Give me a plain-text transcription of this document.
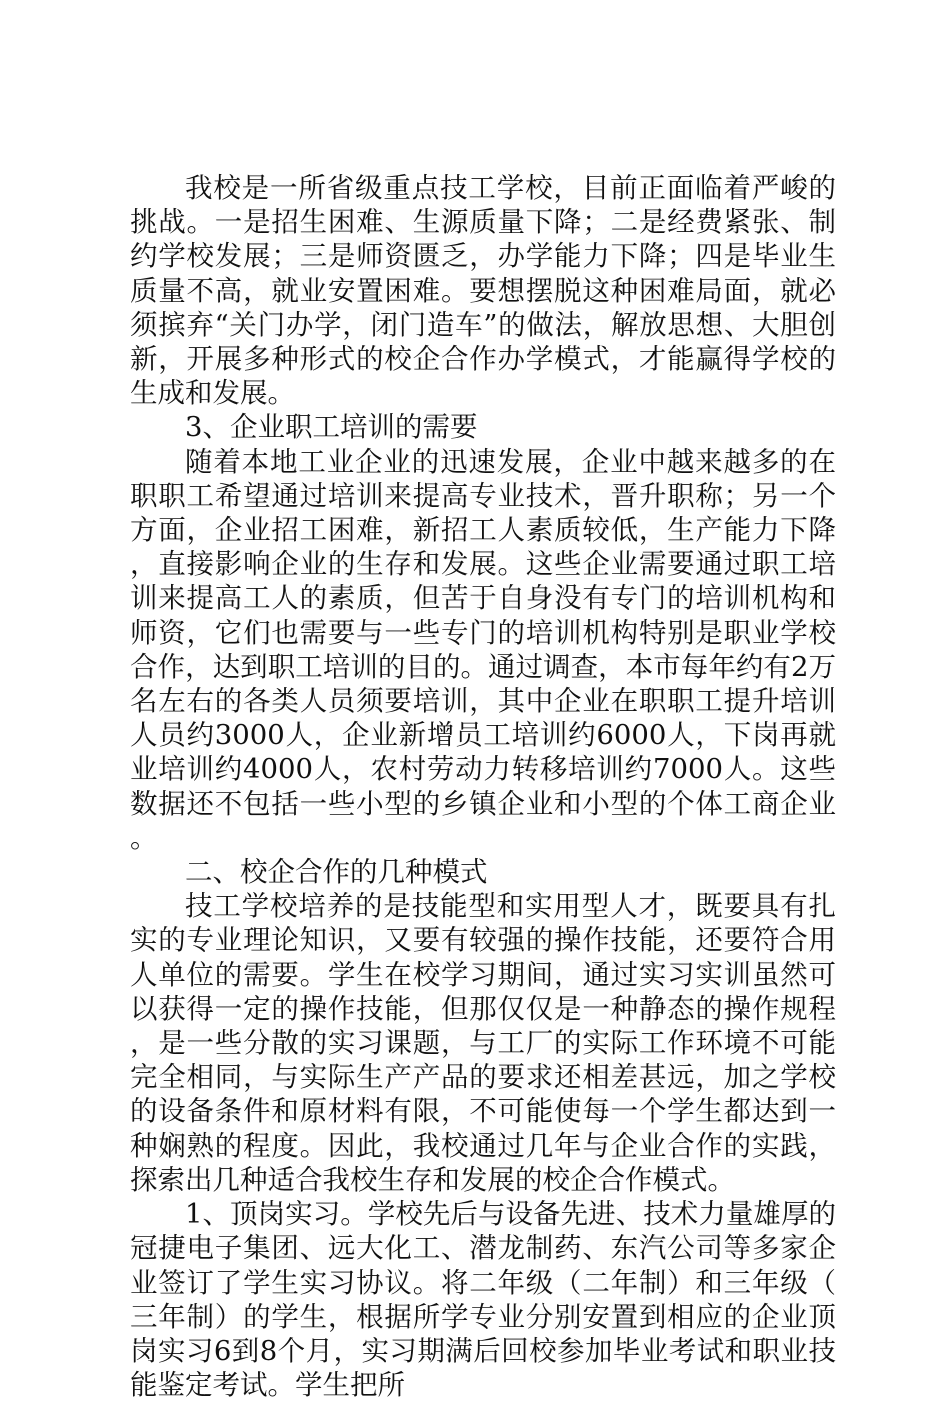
我校是一所省级重点技工学校，目前正面临着严峻的挑战。一是招生困难、生源质量下降；二是经费紧张、制约学校发展；三是师资匮乏，办学能力下降；四是毕业生质量不高，就业安置困难。要想摆脱这种困难局面，就必须摈弃“关门办学，闭门造车”的做法，解放思想、大胆创新，开展多种形式的校企合作办学模式，才能赢得学校的生成和发展。

3、企业职工培训的需要

随着本地工业企业的迅速发展，企业中越来越多的在职职工希望通过培训来提高专业技术，晋升职称；另一个方面，企业招工困难，新招工人素质较低，生产能力下降，直接影响企业的生存和发展。这些企业需要通过职工培训来提高工人的素质，但苦于自身没有专门的培训机构和师资，它们也需要与一些专门的培训机构特别是职业学校合作，达到职工培训的目的。通过调查，本市每年约有2万名左右的各类人员须要培训，其中企业在职职工提升培训人员约3000人，企业新增员工培训约6000人，下岗再就业培训约4000人，农村劳动力转移培训约7000人。这些数据还不包括一些小型的乡镇企业和小型的个体工商企业。

二、校企合作的几种模式

技工学校培养的是技能型和实用型人才，既要具有扎实的专业理论知识，又要有较强的操作技能，还要符合用人单位的需要。学生在校学习期间，通过实习实训虽然可以获得一定的操作技能，但那仅仅是一种静态的操作规程，是一些分散的实习课题，与工厂的实际工作环境不可能完全相同，与实际生产产品的要求还相差甚远，加之学校的设备条件和原材料有限，不可能使每一个学生都达到一种娴熟的程度。因此，我校通过几年与企业合作的实践，探索出几种适合我校生存和发展的校企合作模式。

1、顶岗实习。学校先后与设备先进、技术力量雄厚的冠捷电子集团、远大化工、潜龙制药、东汽公司等多家企业签订了学生实习协议。将二年级（二年制）和三年级（三年制）的学生，根据所学专业分别安置到相应的企业顶岗实习6到8个月，实习期满后回校参加毕业考试和职业技能鉴定考试。学生把所
